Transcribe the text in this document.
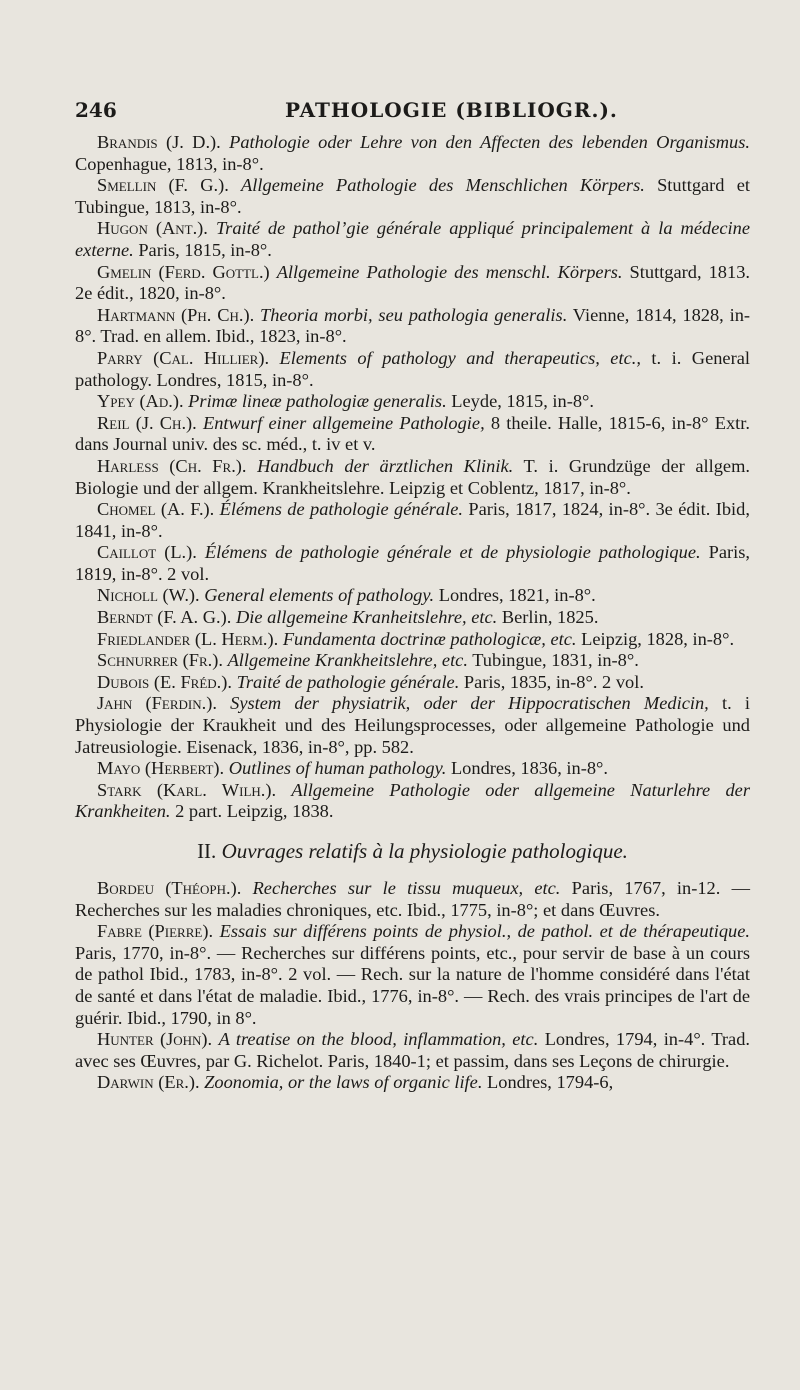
246	PATHOLOGIE (BIBLIOGR.).

Brandis (J. D.). Pathologie oder Lehre von den Affecten des lebenden Organismus. Copenhague, 1813, in-8°.

Smellin (F. G.). Allgemeine Pathologie des Menschlichen Körpers. Stuttgard et Tubingue, 1813, in-8°.

Hugon (Ant.). Traité de patholʼgie générale appliqué principalement à la médecine externe. Paris, 1815, in-8°.

Gmelin (Ferd. Gottl.) Allgemeine Pathologie des menschl. Körpers. Stuttgard, 1813. 2e édit., 1820, in-8°.

Hartmann (Ph. Ch.). Theoria morbi, seu pathologia generalis. Vienne, 1814, 1828, in-8°. Trad. en allem. Ibid., 1823, in-8°.

Parry (Cal. Hillier). Elements of pathology and therapeutics, etc., t. i. General pathology. Londres, 1815, in-8°.

Ypey (Ad.). Primæ lineæ pathologiæ generalis. Leyde, 1815, in-8°.

Reil (J. Ch.). Entwurf einer allgemeine Pathologie, 8 theile. Halle, 1815-6, in-8° Extr. dans Journal univ. des sc. méd., t. iv et v.

Harless (Ch. Fr.). Handbuch der ärztlichen Klinik. T. i. Grundzüge der allgem. Biologie und der allgem. Krankheitslehre. Leipzig et Coblentz, 1817, in-8°.

Chomel (A. F.). Élémens de pathologie générale. Paris, 1817, 1824, in-8°. 3e édit. Ibid, 1841, in-8°.

Caillot (L.). Élémens de pathologie générale et de physiologie pathologique. Paris, 1819, in-8°. 2 vol.

Nicholl (W.). General elements of pathology. Londres, 1821, in-8°.

Berndt (F. A. G.). Die allgemeine Kranheitslehre, etc. Berlin, 1825.

Friedlander (L. Herm.). Fundamenta doctrinæ pathologicæ, etc. Leipzig, 1828, in-8°.

Schnurrer (Fr.). Allgemeine Krankheitslehre, etc. Tubingue, 1831, in-8°.

Dubois (E. Fréd.). Traité de pathologie générale. Paris, 1835, in-8°. 2 vol.

Jahn (Ferdin.). System der physiatrik, oder der Hippocratischen Medicin, t. i Physiologie der Kraukheit und des Heilungsprocesses, oder allgemeine Pathologie und Jatreusiologie. Eisenack, 1836, in-8°, pp. 582.

Mayo (Herbert). Outlines of human pathology. Londres, 1836, in-8°.

Stark (Karl. Wilh.). Allgemeine Pathologie oder allgemeine Naturlehre der Krankheiten. 2 part. Leipzig, 1838.

II. Ouvrages relatifs à la physiologie pathologique.

Bordeu (Théoph.). Recherches sur le tissu muqueux, etc. Paris, 1767, in-12. — Recherches sur les maladies chroniques, etc. Ibid., 1775, in-8°; et dans Œuvres.

Fabre (Pierre). Essais sur différens points de physiol., de pathol. et de thérapeutique. Paris, 1770, in-8°. — Recherches sur différens points, etc., pour servir de base à un cours de pathol Ibid., 1783, in-8°. 2 vol. — Rech. sur la nature de l'homme considéré dans l'état de santé et dans l'état de maladie. Ibid., 1776, in-8°. — Rech. des vrais principes de l'art de guérir. Ibid., 1790, in 8°.

Hunter (John). A treatise on the blood, inflammation, etc. Londres, 1794, in-4°. Trad. avec ses Œuvres, par G. Richelot. Paris, 1840-1; et passim, dans ses Leçons de chirurgie.

Darwin (Er.). Zoonomia, or the laws of organic life. Londres, 1794-6,
